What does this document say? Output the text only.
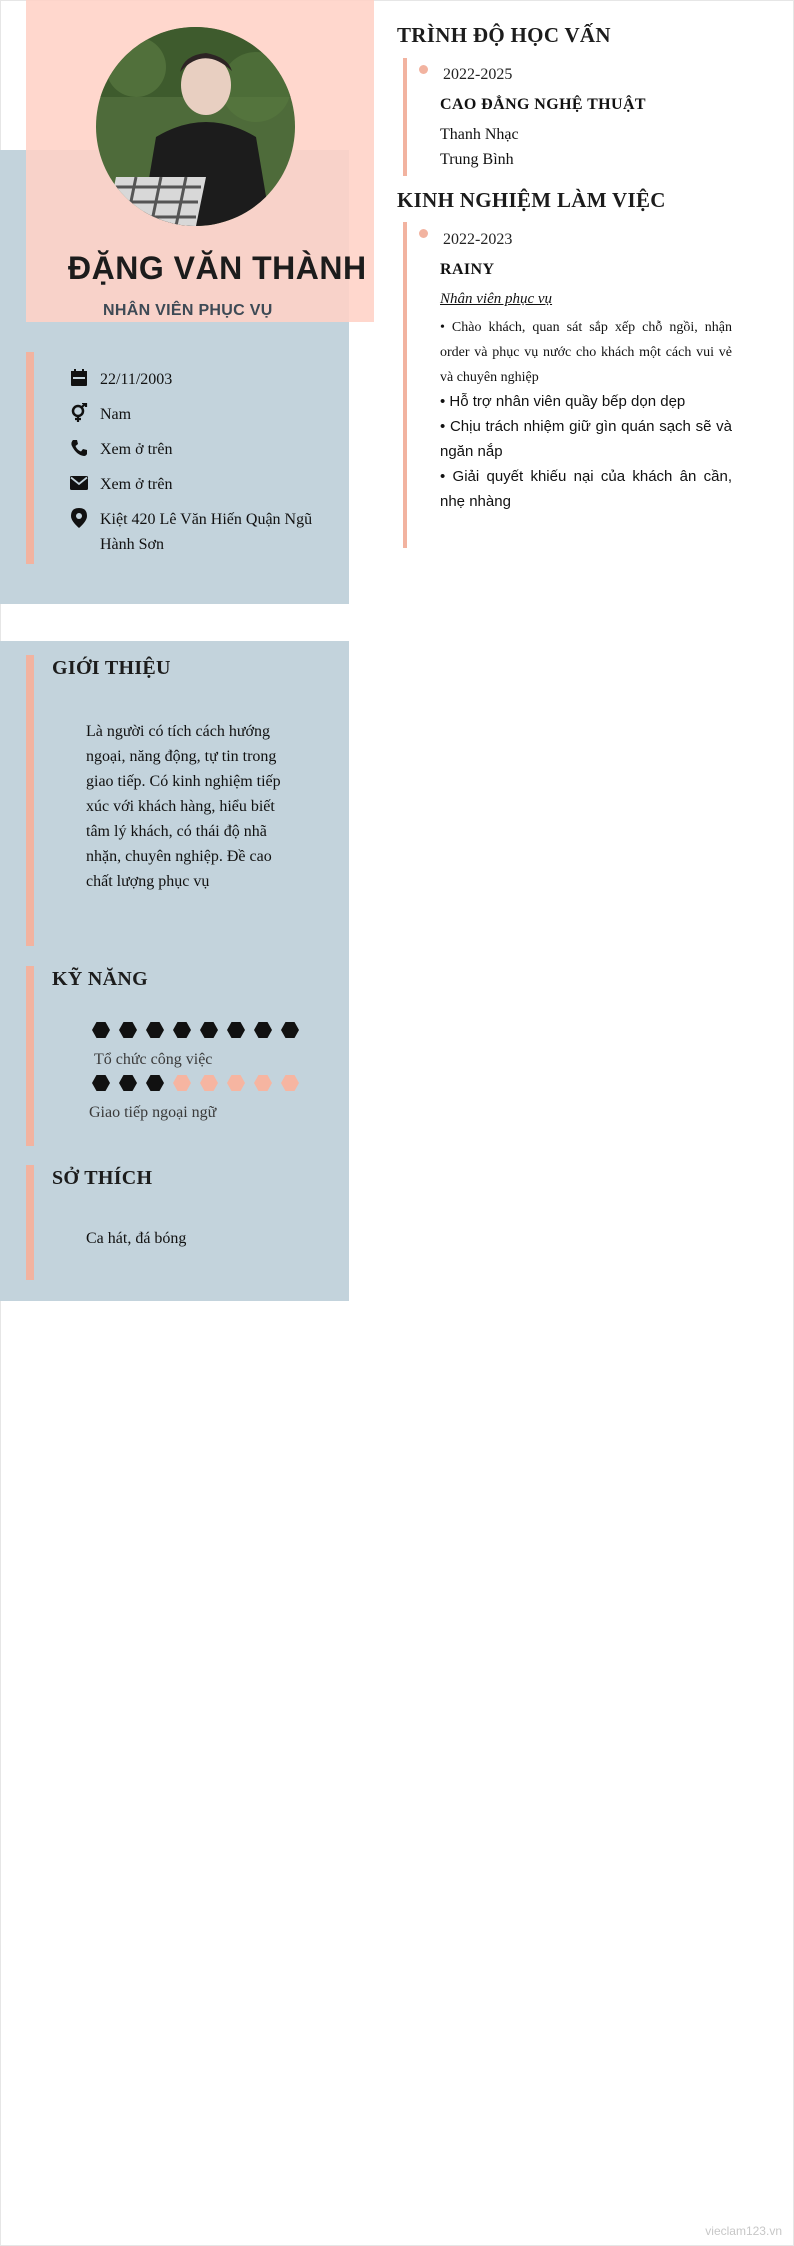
ĐẶNG VĂN THÀNH
NHÂN VIÊN PHỤC VỤ
22/11/2003
Nam
Xem ở trên
Xem ở trên
Kiệt 420 Lê Văn Hiến Quận Ngũ Hành Sơn
GIỚI THIỆU
Là người có tích cách hướng ngoại, năng động, tự tin trong giao tiếp. Có kinh nghiệm tiếp xúc với khách hàng, hiểu biết tâm lý khách, có thái độ nhã nhặn, chuyên nghiệp. Đề cao chất lượng phục vụ
KỸ NĂNG
Tổ chức công việc
Giao tiếp ngoại ngữ
SỞ THÍCH
Ca hát, đá bóng
TRÌNH ĐỘ HỌC VẤN
2022-2025
CAO ĐẲNG NGHỆ THUẬT
Thanh Nhạc
Trung Bình
KINH NGHIỆM LÀM VIỆC
2022-2023
RAINY
Nhân viên phục vụ
• Chào khách, quan sát sắp xếp chỗ ngồi, nhận order và phục vụ nước cho khách một cách vui vẻ và chuyên nghiệp
• Hỗ trợ nhân viên quầy bếp dọn dẹp
• Chịu trách nhiệm giữ gìn quán sạch sẽ và ngăn nắp
• Giải quyết khiếu nại của khách ân cần, nhẹ nhàng
vieclam123.vn
